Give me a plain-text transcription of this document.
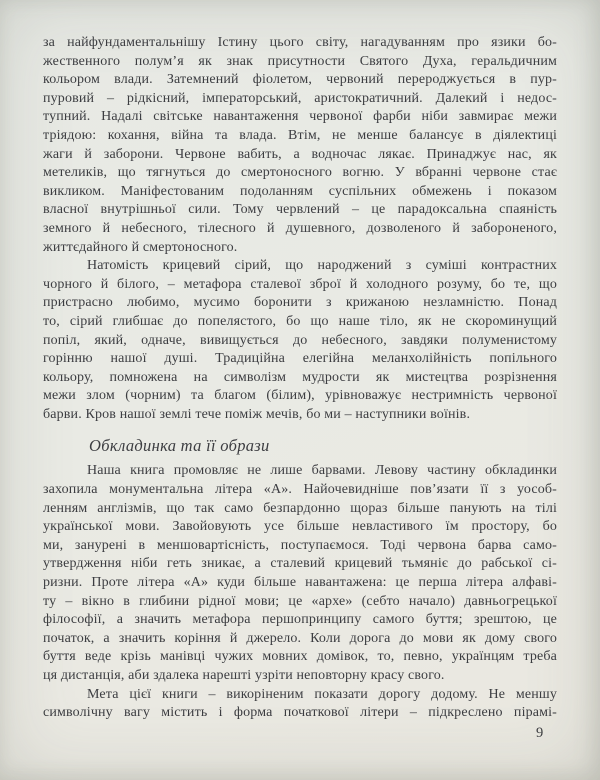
за найфундаментальнішу Істину цього світу, нагадуванням про язики бо-
жественного полум’я як знак присутности Святого Духа, геральдичним
кольором влади. Затемнений фіолетом, червоний перероджується в пур-
пуровий – рідкісний, імператорський, аристократичний. Далекий і недос-
тупний. Надалі світське навантаження червоної фарби ніби завмирає межи
тріядою: кохання, війна та влада. Втім, не менше балансує в діялектиці
жаги й заборони. Червоне вабить, а водночас лякає. Принаджує нас, як
метеликів, що тягнуться до смертоносного вогню. У вбранні червоне стає
викликом. Маніфестованим подоланням суспільних обмежень і показом
власної внутрішньої сили. Тому червлений – це парадоксальна спаяність
земного й небесного, тілесного й душевного, дозволеного й забороненого,
життєдайного й смертоносного.
Натомість крицевий сірий, що народжений з суміші контрастних
чорного й білого, – метафора сталевої зброї й холодного розуму, бо те, що
пристрасно любимо, мусимо боронити з крижаною незламністю. Понад
то, сірий глибшає до попелястого, бо що наше тіло, як не скороминущий
попіл, який, одначе, вивищується до небесного, завдяки полуменистому
горінню нашої душі. Традиційна елегійна меланхолійність попільного
кольору, помножена на символізм мудрости як мистецтва розрізнення
межи злом (чорним) та благом (білим), урівноважує нестримність червоної
барви. Кров нашої землі тече поміж мечів, бо ми – наступники воїнів.
Обкладинка та її образи
Наша книга промовляє не лише барвами. Левову частину обкладинки
захопила монументальна літера «А». Найочевидніше пов’язати її з уособ-
ленням англізмів, що так само безпардонно щораз більше панують на тілі
української мови. Завойовують усе більше невластивого їм простору, бо
ми, занурені в меншовартісність, поступаємося. Тоді червона барва само-
утвердження ніби геть зникає, а сталевий крицевий тьмяніє до рабської сі-
ризни. Проте літера «А» куди більше навантажена: це перша літера алфаві-
ту – вікно в глибини рідної мови; це «архе» (себто начало) давньогрецької
філософії, а значить метафора першопринципу самого буття; зрештою, це
початок, а значить коріння й джерело. Коли дорога до мови як дому свого
буття веде крізь манівці чужих мовних домівок, то, певно, українцям треба
ця дистанція, аби здалека нарешті узріти неповторну красу свого.
Мета цієї книги – викоріненим показати дорогу додому. Не меншу
символічну вагу містить і форма початкової літери – підкреслено пірамі-
9
